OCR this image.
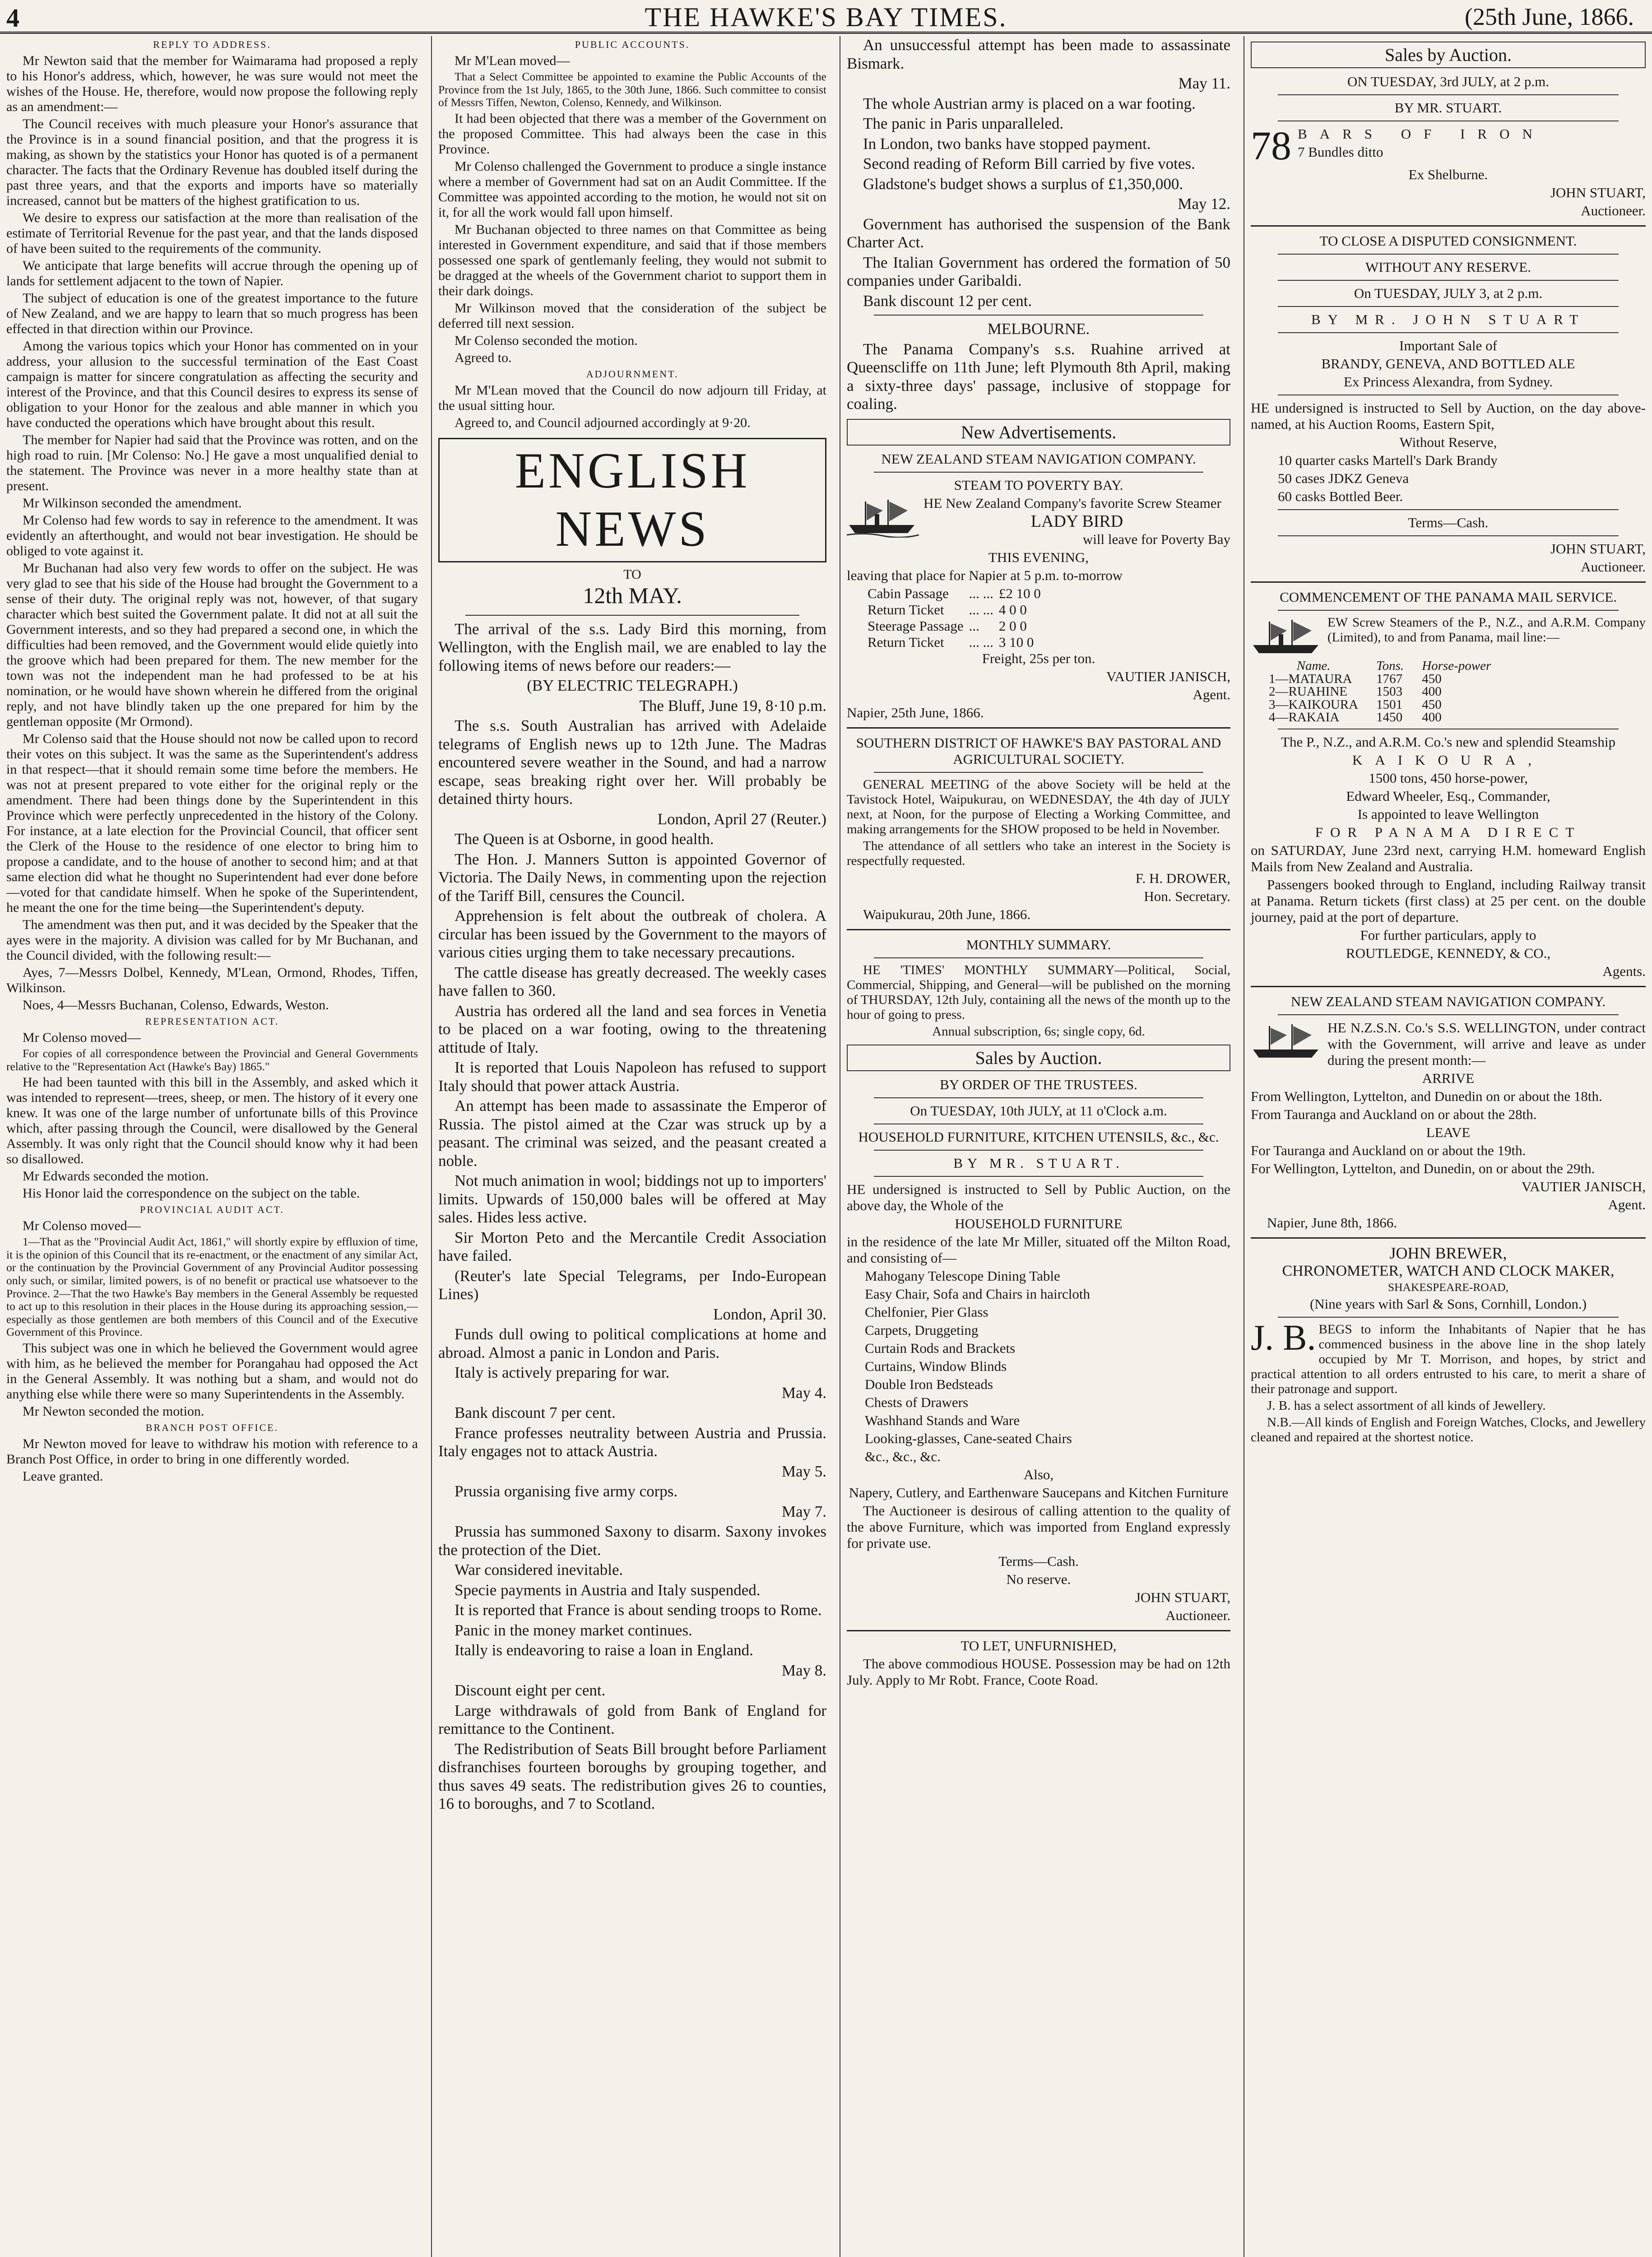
4	THE HAWKE'S BAY TIMES.	(25th June, 1866.
REPLY TO ADDRESS.

Mr Newton said that the member for Waimarama had proposed a reply to his Honor's address, which, however, he was sure would not meet the wishes of the House. He, therefore, would now propose the following reply as an amendment:—

The Council receives with much pleasure your Honor's assurance that the Province is in a sound financial position, and that the progress it is making, as shown by the statistics your Honor has quoted is of a permanent character. The facts that the Ordinary Revenue has doubled itself during the past three years, and that the exports and imports have so materially increased, cannot but be matters of the highest gratification to us.

We desire to express our satisfaction at the more than realisation of the estimate of Territorial Revenue for the past year, and that the lands disposed of have been suited to the requirements of the community.

We anticipate that large benefits will accrue through the opening up of lands for settlement adjacent to the town of Napier.

The subject of education is one of the greatest importance to the future of New Zealand, and we are happy to learn that so much progress has been effected in that direction within our Province.

Among the various topics which your Honor has commented on in your address, your allusion to the successful termination of the East Coast campaign is matter for sincere congratulation as affecting the security and interest of the Province, and that this Council desires to express its sense of obligation to your Honor for the zealous and able manner in which you have conducted the operations which have brought about this result.

The member for Napier had said that the Province was rotten, and on the high road to ruin. [Mr Colenso: No.] He gave a most unqualified denial to the statement. The Province was never in a more healthy state than at present.

Mr Wilkinson seconded the amendment.

Mr Colenso had few words to say in reference to the amendment. It was evidently an afterthought, and would not bear investigation. He should be obliged to vote against it.

Mr Buchanan had also very few words to offer on the subject. He was very glad to see that his side of the House had brought the Government to a sense of their duty. The original reply was not, however, of that sugary character which best suited the Government palate. It did not at all suit the Government interests, and so they had prepared a second one, in which the difficulties had been removed, and the Government would elide quietly into the groove which had been prepared for them. The new member for the town was not the independent man he had professed to be at his nomination, or he would have shown wherein he differed from the original reply, and not have blindly taken up the one prepared for him by the gentleman opposite (Mr Ormond).

Mr Colenso said that the House should not now be called upon to record their votes on this subject. It was the same as the Superintendent's address in that respect—that it should remain some time before the members. He was not at present prepared to vote either for the original reply or the amendment. There had been things done by the Superintendent in this Province which were perfectly unprecedented in the history of the Colony. For instance, at a late election for the Provincial Council, that officer sent the Clerk of the House to the residence of one elector to bring him to propose a candidate, and to the house of another to second him; and at that same election did what he thought no Superintendent had ever done before—voted for that candidate himself. When he spoke of the Superintendent, he meant the one for the time being—the Superintendent's deputy.

The amendment was then put, and it was decided by the Speaker that the ayes were in the majority. A division was called for by Mr Buchanan, and the Council divided, with the following result:—

Ayes, 7—Messrs Dolbel, Kennedy, M'Lean, Ormond, Rhodes, Tiffen, Wilkinson.

Noes, 4—Messrs Buchanan, Colenso, Edwards, Weston.

REPRESENTATION ACT.

Mr Colenso moved—

For copies of all correspondence between the Provincial and General Governments relative to the "Representation Act (Hawke's Bay) 1865."

He had been taunted with this bill in the Assembly, and asked which it was intended to represent—trees, sheep, or men. The history of it every one knew. It was one of the large number of unfortunate bills of this Province which, after passing through the Council, were disallowed by the General Assembly. It was only right that the Council should know why it had been so disallowed.

Mr Edwards seconded the motion.

His Honor laid the correspondence on the subject on the table.

PROVINCIAL AUDIT ACT.

Mr Colenso moved—

1—That as the "Provincial Audit Act, 1861," will shortly expire by effluxion of time, it is the opinion of this Council that its re-enactment, or the enactment of any similar Act, or the continuation by the Provincial Government of any Provincial Auditor possessing only such, or similar, limited powers, is of no benefit or practical use whatsoever to the Province. 2—That the two Hawke's Bay members in the General Assembly be requested to act up to this resolution in their places in the House during its approaching session,—especially as those gentlemen are both members of this Council and of the Executive Government of this Province.

This subject was one in which he believed the Government would agree with him, as he believed the member for Porangahau had opposed the Act in the General Assembly. It was nothing but a sham, and would not do anything else while there were so many Superintendents in the Assembly.

Mr Newton seconded the motion.

BRANCH POST OFFICE.

Mr Newton moved for leave to withdraw his motion with reference to a Branch Post Office, in order to bring in one differently worded.

Leave granted.

PUBLIC ACCOUNTS.

Mr M'Lean moved—

That a Select Committee be appointed to examine the Public Accounts of the Province from the 1st July, 1865, to the 30th June, 1866. Such committee to consist of Messrs Tiffen, Newton, Colenso, Kennedy, and Wilkinson.

It had been objected that there was a member of the Government on the proposed Committee. This had always been the case in this Province.

Mr Colenso challenged the Government to produce a single instance where a member of Government had sat on an Audit Committee. If the Committee was appointed according to the motion, he would not sit on it, for all the work would fall upon himself.

Mr Buchanan objected to three names on that Committee as being interested in Government expenditure, and said that if those members possessed one spark of gentlemanly feeling, they would not submit to be dragged at the wheels of the Government chariot to support them in their dark doings.

Mr Wilkinson moved that the consideration of the subject be deferred till next session.

Mr Colenso seconded the motion.

Agreed to.

ADJOURNMENT.

Mr M'Lean moved that the Council do now adjourn till Friday, at the usual sitting hour.

Agreed to, and Council adjourned accordingly at 9·20.

ENGLISH NEWS
TO
12th MAY.

The arrival of the s.s. Lady Bird this morning, from Wellington, with the English mail, we are enabled to lay the following items of news before our readers:—

(BY ELECTRIC TELEGRAPH.)

The Bluff, June 19, 8·10 p.m.

The s.s. South Australian has arrived with Adelaide telegrams of English news up to 12th June. The Madras encountered severe weather in the Sound, and had a narrow escape, seas breaking right over her. Will probably be detained thirty hours.

London, April 27 (Reuter.)

The Queen is at Osborne, in good health.

The Hon. J. Manners Sutton is appointed Governor of Victoria. The Daily News, in commenting upon the rejection of the Tariff Bill, censures the Council.

Apprehension is felt about the outbreak of cholera. A circular has been issued by the Government to the mayors of various cities urging them to take necessary precautions.

The cattle disease has greatly decreased. The weekly cases have fallen to 360.

Austria has ordered all the land and sea forces in Venetia to be placed on a war footing, owing to the threatening attitude of Italy.

It is reported that Louis Napoleon has refused to support Italy should that power attack Austria.

An attempt has been made to assassinate the Emperor of Russia. The pistol aimed at the Czar was struck up by a peasant. The criminal was seized, and the peasant created a noble.

Not much animation in wool; biddings not up to importers' limits. Upwards of 150,000 bales will be offered at May sales. Hides less active.

Sir Morton Peto and the Mercantile Credit Association have failed.

(Reuter's late Special Telegrams, per Indo-European Lines)

London, April 30.

Funds dull owing to political complications at home and abroad. Almost a panic in London and Paris.

Italy is actively preparing for war.

May 4.

Bank discount 7 per cent.

France professes neutrality between Austria and Prussia. Italy engages not to attack Austria.

May 5.

Prussia organising five army corps.

May 7.

Prussia has summoned Saxony to disarm. Saxony invokes the protection of the Diet.

War considered inevitable.

Specie payments in Austria and Italy suspended.

It is reported that France is about sending troops to Rome.

Panic in the money market continues.

Itally is endeavoring to raise a loan in England.

May 8.

Discount eight per cent.

Large withdrawals of gold from Bank of England for remittance to the Continent.

The Redistribution of Seats Bill brought before Parliament disfranchises fourteen boroughs by grouping together, and thus saves 49 seats. The redistribution gives 26 to counties, 16 to boroughs, and 7 to Scotland.

An unsuccessful attempt has been made to assassinate Bismark.

May 11.

The whole Austrian army is placed on a war footing.

The panic in Paris unparalleled.

In London, two banks have stopped payment.

Second reading of Reform Bill carried by five votes.

Gladstone's budget shows a surplus of £1,350,000.

May 12.

Government has authorised the suspension of the Bank Charter Act.

The Italian Government has ordered the formation of 50 companies under Garibaldi.

Bank discount 12 per cent.

MELBOURNE.

The Panama Company's s.s. Ruahine arrived at Queenscliffe on 11th June; left Plymouth 8th April, making a sixty-three days' passage, inclusive of stoppage for coaling.

New Advertisements.

NEW ZEALAND STEAM NAVIGATION COMPANY.

STEAM TO POVERTY BAY.

HE New Zealand Company's favorite Screw Steamer

LADY BIRD

will leave for Poverty Bay

THIS EVENING,

leaving that place for Napier at 5 p.m. to-morrow

Cabin Passage	... ...	£2 10 0
Return Ticket	... ...	4 0 0
Steerage Passage	...	2 0 0
Return Ticket	... ...	3 10 0

Freight, 25s per ton.

VAUTIER JANISCH,

Agent.

Napier, 25th June, 1866.

SOUTHERN DISTRICT OF HAWKE'S BAY PASTORAL AND AGRICULTURAL SOCIETY.

GENERAL MEETING of the above Society will be held at the Tavistock Hotel, Waipukurau, on WEDNESDAY, the 4th day of JULY next, at Noon, for the purpose of Electing a Working Committee, and making arrangements for the SHOW proposed to be held in November.

The attendance of all settlers who take an interest in the Society is respectfully requested.

F. H. DROWER,

Hon. Secretary.

Waipukurau, 20th June, 1866.

MONTHLY SUMMARY.

HE 'TIMES' MONTHLY SUMMARY—Political, Social, Commercial, Shipping, and General—will be published on the morning of THURSDAY, 12th July, containing all the news of the month up to the hour of going to press.

Annual subscription, 6s; single copy, 6d.

Sales by Auction.

BY ORDER OF THE TRUSTEES.

On TUESDAY, 10th JULY, at 11 o'Clock a.m.

HOUSEHOLD FURNITURE, KITCHEN UTENSILS, &c., &c.

BY MR. STUART.

HE undersigned is instructed to Sell by Public Auction, on the above day, the Whole of the

HOUSEHOLD FURNITURE

in the residence of the late Mr Miller, situated off the Milton Road, and consisting of—

Mahogany Telescope Dining Table

Easy Chair, Sofa and Chairs in haircloth

Chelfonier, Pier Glass

Carpets, Druggeting

Curtain Rods and Brackets

Curtains, Window Blinds

Double Iron Bedsteads

Chests of Drawers

Washhand Stands and Ware

Looking-glasses, Cane-seated Chairs

&c., &c., &c.

Also,

Napery, Cutlery, and Earthenware Saucepans and Kitchen Furniture

The Auctioneer is desirous of calling attention to the quality of the above Furniture, which was imported from England expressly for private use.

Terms—Cash.

No reserve.

JOHN STUART,

Auctioneer.

TO LET, UNFURNISHED,

The above commodious HOUSE. Possession may be had on 12th July. Apply to Mr Robt. France, Coote Road.

Sales by Auction.

ON TUESDAY, 3rd JULY, at 2 p.m.

BY MR. STUART.

78 BARS OF IRON

7 Bundles ditto

Ex Shelburne.

JOHN STUART,

Auctioneer.

TO CLOSE A DISPUTED CONSIGNMENT.

WITHOUT ANY RESERVE.

On TUESDAY, JULY 3, at 2 p.m.

BY MR. JOHN STUART

Important Sale of

BRANDY, GENEVA, AND BOTTLED ALE

Ex Princess Alexandra, from Sydney.

HE undersigned is instructed to Sell by Auction, on the day above-named, at his Auction Rooms, Eastern Spit,

Without Reserve,

10 quarter casks Martell's Dark Brandy

50 cases JDKZ Geneva

60 casks Bottled Beer.

Terms—Cash.

JOHN STUART,

Auctioneer.

COMMENCEMENT OF THE PANAMA MAIL SERVICE.

EW Screw Steamers of the P., N.Z., and A.R.M. Company (Limited), to and from Panama, mail line:—

Name.	Tons.	Horse-power
1—MATAURA	1767	450
2—RUAHINE	1503	400
3—KAIKOURA	1501	450
4—RAKAIA	1450	400

The P., N.Z., and A.R.M. Co.'s new and splendid Steamship

KAIKOURA,

1500 tons, 450 horse-power,

Edward Wheeler, Esq., Commander,

Is appointed to leave Wellington

FOR PANAMA DIRECT

on SATURDAY, June 23rd next, carrying H.M. homeward English Mails from New Zealand and Australia.

Passengers booked through to England, including Railway transit at Panama. Return tickets (first class) at 25 per cent. on the double journey, paid at the port of departure.

For further particulars, apply to

ROUTLEDGE, KENNEDY, & CO.,

Agents.

NEW ZEALAND STEAM NAVIGATION COMPANY.

HE N.Z.S.N. Co.'s S.S. WELLINGTON, under contract with the Government, will arrive and leave as under during the present month:—

ARRIVE

From Wellington, Lyttelton, and Dunedin on or about the 18th.

From Tauranga and Auckland on or about the 28th.

LEAVE

For Tauranga and Auckland on or about the 19th.

For Wellington, Lyttelton, and Dunedin, on or about the 29th.

VAUTIER JANISCH,

Agent.

Napier, June 8th, 1866.

JOHN BREWER,

CHRONOMETER, WATCH AND CLOCK MAKER,

SHAKESPEARE-ROAD,

(Nine years with Sarl & Sons, Cornhill, London.)

J. B. BEGS to inform the Inhabitants of Napier that he has commenced business in the above line in the shop lately occupied by Mr T. Morrison, and hopes, by strict and practical attention to all orders entrusted to his care, to merit a share of their patronage and support.

J. B. has a select assortment of all kinds of Jewellery.

N.B.—All kinds of English and Foreign Watches, Clocks, and Jewellery cleaned and repaired at the shortest notice.
